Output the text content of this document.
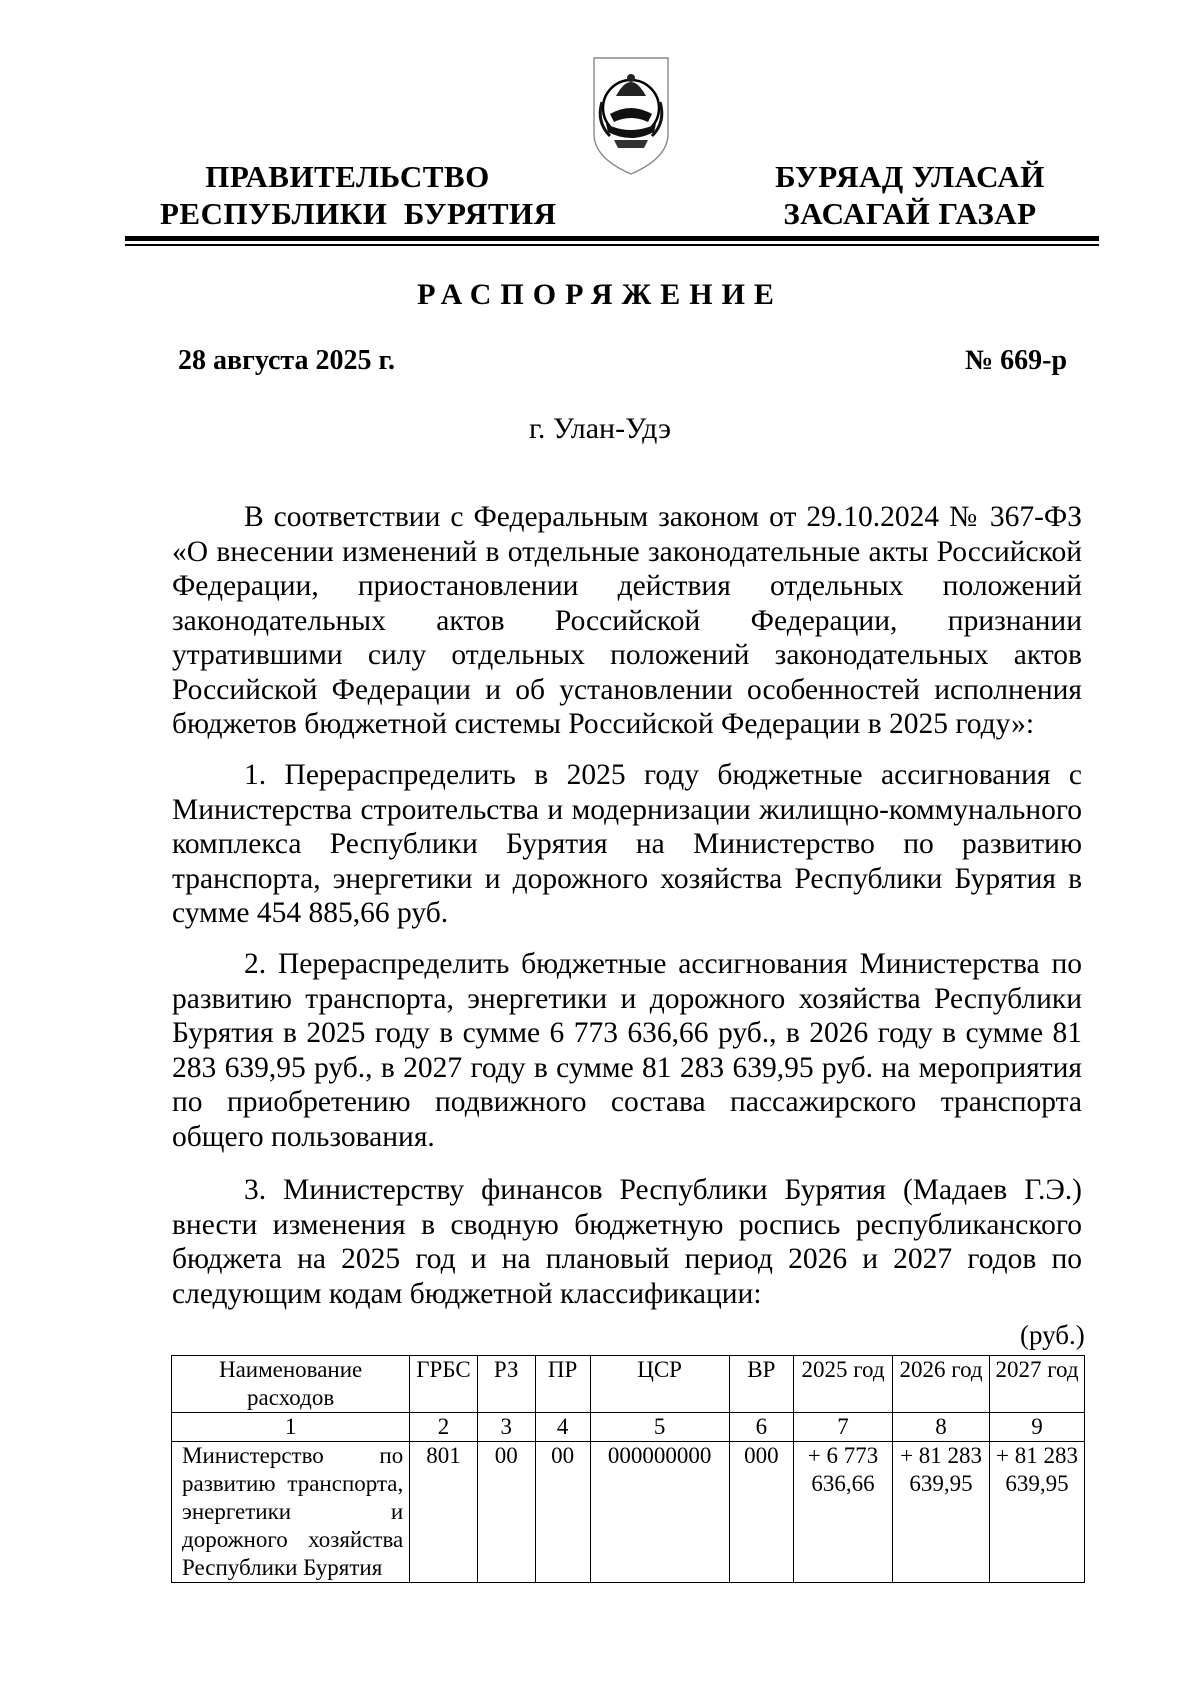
ПРАВИТЕЛЬСТВО
РЕСПУБЛИКИ  БУРЯТИЯ
БУРЯАД УЛАСАЙ
ЗАСАГАЙ ГАЗАР
РАСПОРЯЖЕНИЕ
28 августа 2025 г.	№ 669-р
г. Улан-Удэ

В соответствии с Федеральным законом от 29.10.2024 № 367-ФЗ «О внесении изменений в отдельные законодательные акты Российской Федерации, приостановлении действия отдельных положений законодательных актов Российской Федерации, признании утратившими силу отдельных положений законодательных актов Российской Федерации и об установлении особенностей исполнения бюджетов бюджетной системы Российской Федерации в 2025 году»:

1. Перераспределить в 2025 году бюджетные ассигнования с Министерства строительства и модернизации жилищно-коммунального комплекса Республики Бурятия на Министерство по развитию транспорта, энергетики и дорожного хозяйства Республики Бурятия в сумме 454 885,66 руб.

2. Перераспределить бюджетные ассигнования Министерства по развитию транспорта, энергетики и дорожного хозяйства Республики Бурятия в 2025 году в сумме 6 773 636,66 руб., в 2026 году в сумме 81 283 639,95 руб., в 2027 году в сумме 81 283 639,95 руб. на мероприятия по приобретению подвижного состава пассажирского транспорта общего пользования.

3. Министерству финансов Республики Бурятия (Мадаев Г.Э.) внести изменения в сводную бюджетную роспись республиканского бюджета на 2025 год и на плановый период 2026 и 2027 годов по следующим кодам бюджетной классификации:

(руб.)
Наименование расходов	ГРБС	РЗ	ПР	ЦСР	ВР	2025 год	2026 год	2027 год
1	2	3	4	5	6	7	8	9
Министерство по развитию транспорта, энергетики и дорожного хозяйства Республики Бурятия	801	00	00	000000000	000	+ 6 773 636,66	+ 81 283 639,95	+ 81 283 639,95
